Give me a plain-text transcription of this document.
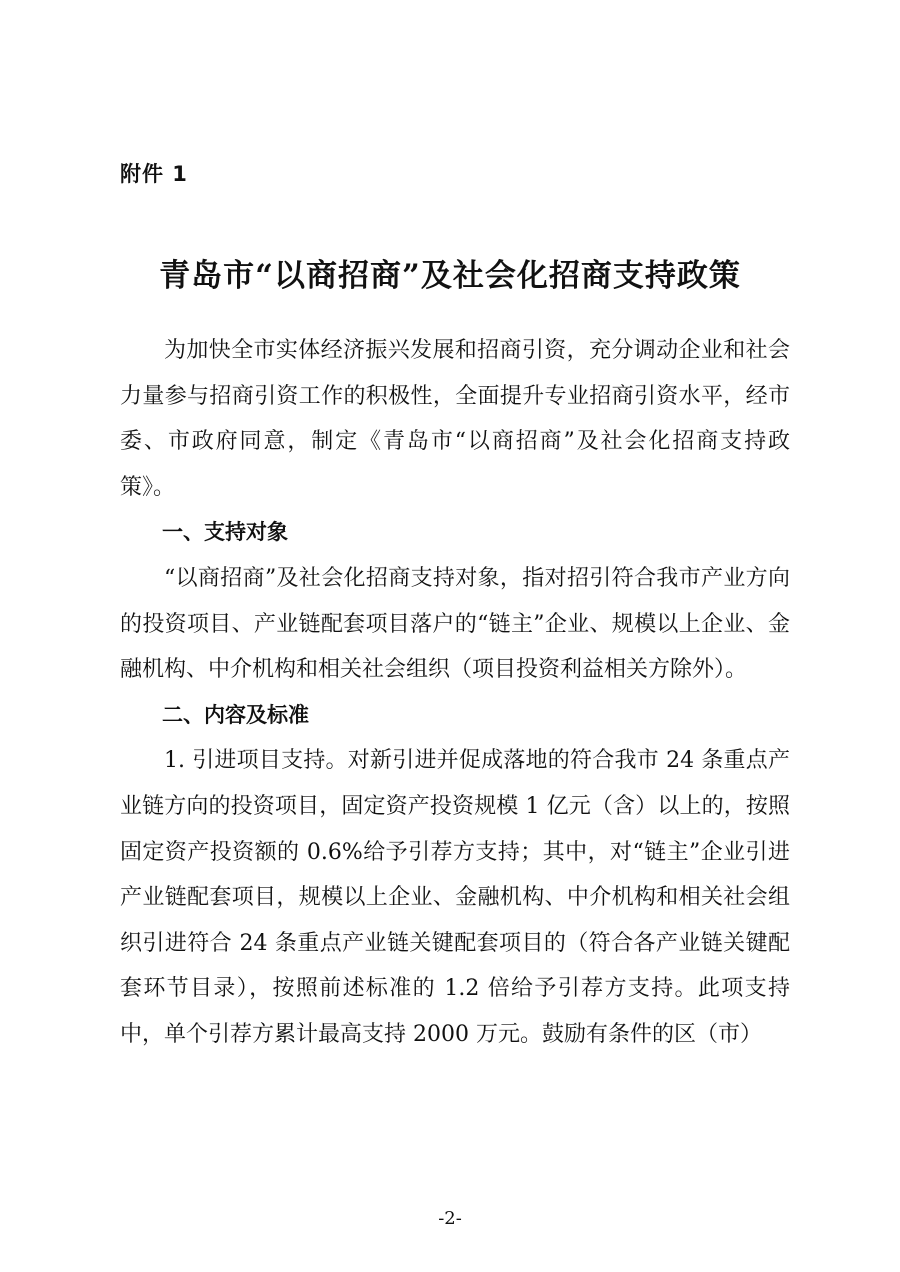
附件 1
青岛市“以商招商”及社会化招商支持政策

为加快全市实体经济振兴发展和招商引资，充分调动企业和社会力量参与招商引资工作的积极性，全面提升专业招商引资水平，经市委、市政府同意，制定《青岛市“以商招商”及社会化招商支持政策》。

一、支持对象

“以商招商”及社会化招商支持对象，指对招引符合我市产业方向的投资项目、产业链配套项目落户的“链主”企业、规模以上企业、金融机构、中介机构和相关社会组织（项目投资利益相关方除外）。

二、内容及标准

1. 引进项目支持。对新引进并促成落地的符合我市 24 条重点产业链方向的投资项目，固定资产投资规模 1 亿元（含）以上的，按照固定资产投资额的 0.6%给予引荐方支持；其中，对“链主”企业引进产业链配套项目，规模以上企业、金融机构、中介机构和相关社会组织引进符合 24 条重点产业链关键配套项目的（符合各产业链关键配套环节目录），按照前述标准的 1.2 倍给予引荐方支持。此项支持中，单个引荐方累计最高支持 2000 万元。鼓励有条件的区（市）

-2-
